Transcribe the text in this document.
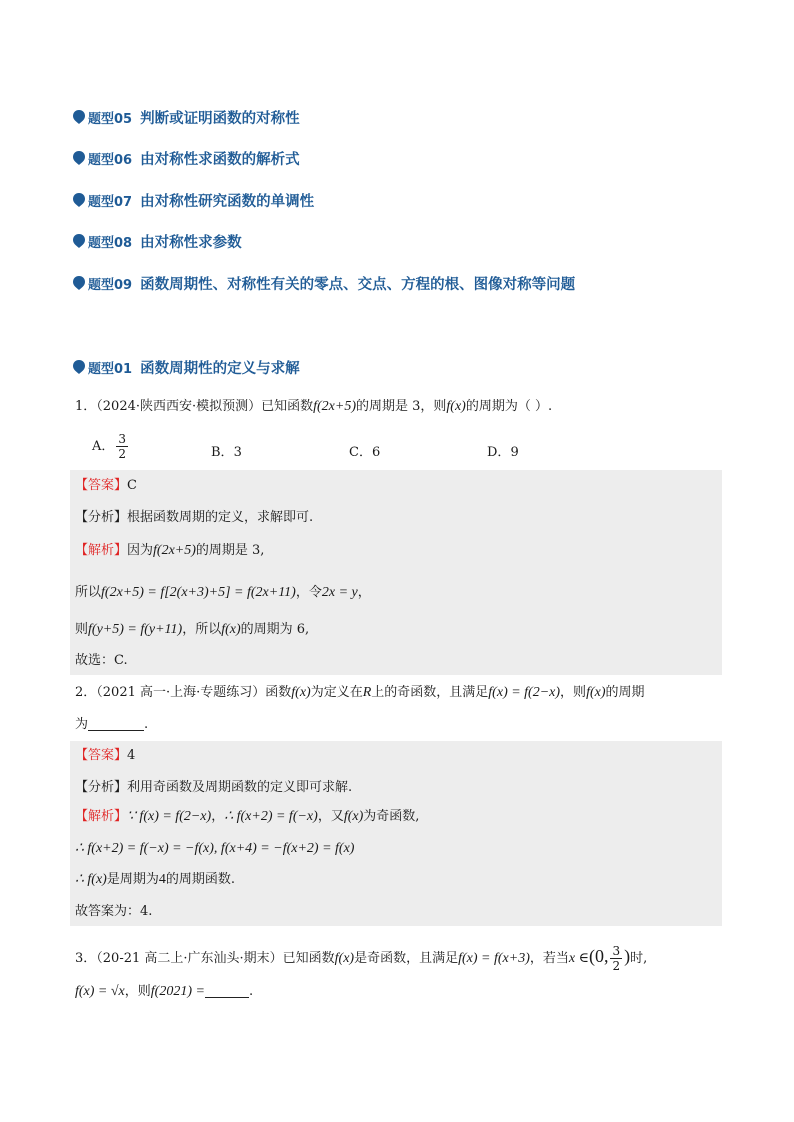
题型05 判断或证明函数的对称性
题型06 由对称性求函数的解析式
题型07 由对称性研究函数的单调性
题型08 由对称性求参数
题型09 函数周期性、对称性有关的零点、交点、方程的根、图像对称等问题
题型01 函数周期性的定义与求解
1．（2024·陕西西安·模拟预测）已知函数f(2x+5)的周期是 3，则f(x)的周期为（ ）.
A． $\frac{3}{2}$	B．3	C．6	D．9
【答案】C
【分析】根据函数周期的定义，求解即可.
【解析】因为f(2x+5)的周期是 3,
所以f(2x+5) = f[2(x+3)+5] = f(2x+11)，令2x = y，
则f(y+5) = f(y+11)，所以f(x)的周期为 6,
故选：C.
2．（2021 高一·上海·专题练习）函数f(x)为定义在R上的奇函数，且满足f(x) = f(2−x)，则f(x)的周期
为	.
【答案】4
【分析】利用奇函数及周期函数的定义即可求解.
【解析】∵ f(x) = f(2−x)，∴ f(x+2) = f(−x)，又f(x)为奇函数,
∴ f(x+2) = f(−x) = −f(x), f(x+4) = −f(x+2) = f(x)
∴ f(x)是周期为4的周期函数.
故答案为：4.
3．（20-21 高二上·广东汕头·期末）已知函数f(x)是奇函数，且满足f(x) = f(x+3)，若当x ∈(0, $\frac{3}{2}$ )时,
f(x) = √x，则f(2021) =	.
